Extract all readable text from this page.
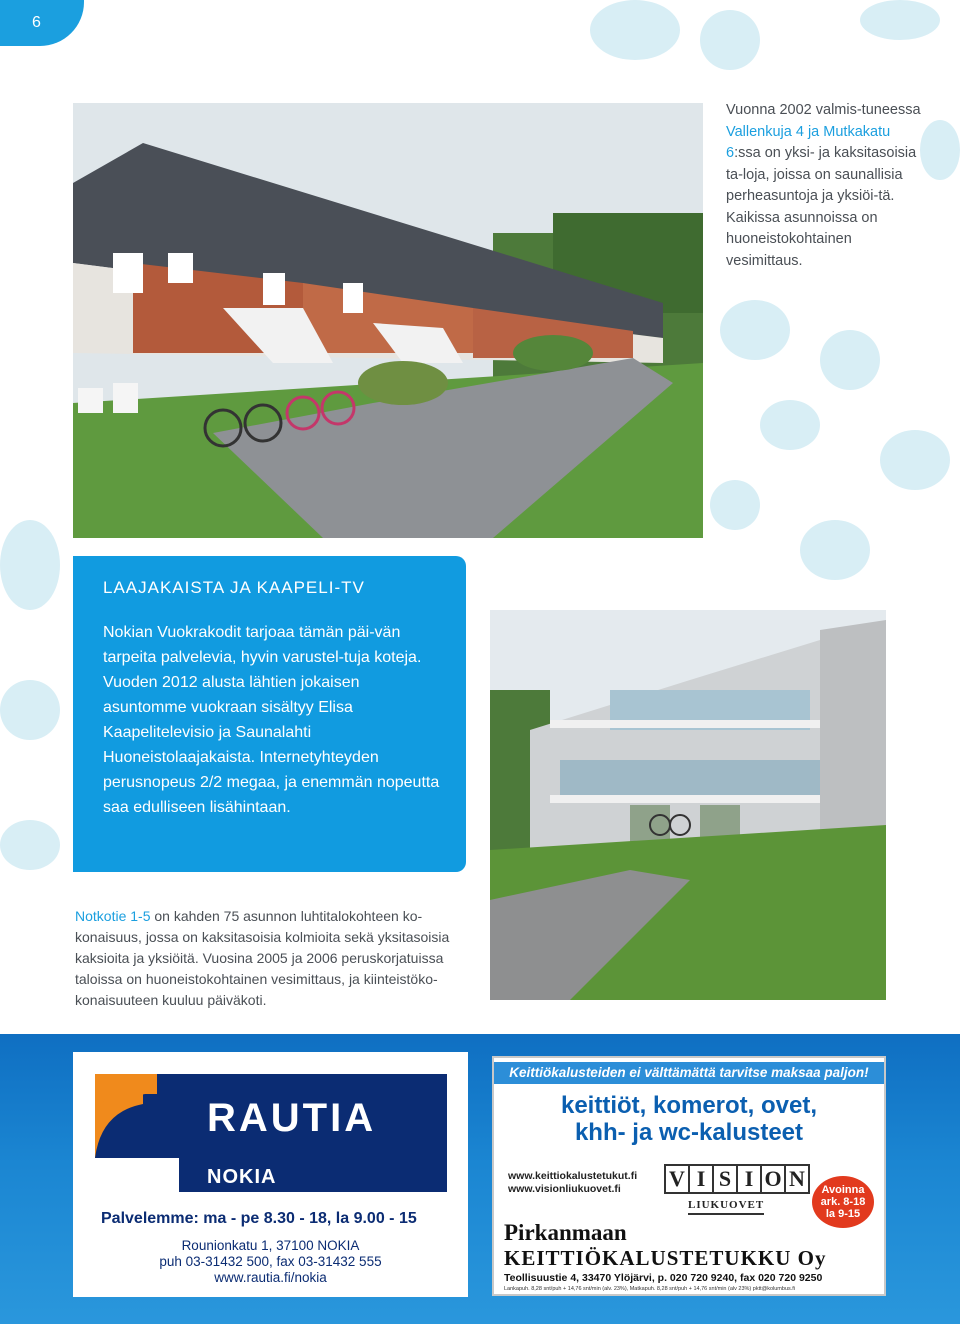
6
Vuonna 2002 valmis-tuneessa Vallenkuja 4 ja Mutkakatu 6:ssa on yksi- ja kaksitasoisia ta-loja, joissa on saunallisia perheasuntoja ja yksiöi-tä. Kaikissa asunnoissa on huoneistokohtainen vesimittaus.
LAAJAKAISTA JA KAAPELI-TV
Nokian Vuokrakodit tarjoaa tämän päi-vän tarpeita palvelevia, hyvin varustel-tuja koteja. Vuoden 2012 alusta lähtien jokaisen asuntomme vuokraan sisältyy Elisa Kaapelitelevisio ja Saunalahti Huoneistolaajakaista. Internetyhteyden perusnopeus 2/2 megaa, ja enemmän nopeutta saa edulliseen lisähintaan.
Notkotie 1-5 on kahden 75 asunnon luhtitalokohteen ko-konaisuus, jossa on kaksitasoisia kolmioita sekä yksitasoisia kaksioita ja yksiöitä. Vuosina 2005 ja 2006 peruskorjatuissa taloissa on huoneistokohtainen vesimittaus, ja kiinteistöko-konaisuuteen kuuluu päiväkoti.
RAUTIA
NOKIA
Palvelemme: ma - pe 8.30 - 18, la 9.00 - 15
Rounionkatu 1, 37100 NOKIA
puh 03-31432 500, fax 03-31432 555
www.rautia.fi/nokia
Keittiökalusteiden ei välttämättä tarvitse maksaa paljon!
keittiöt, komerot, ovet,
khh- ja wc-kalusteet
www.keittiokalustetukut.fi
www.visionliukuovet.fi	V I S I O N
LIUKUOVET
Avoinna
ark. 8-18
la 9-15
Pirkanmaan
KEITTIÖKALUSTETUKKU Oy
Teollisuustie 4, 33470 Ylöjärvi, p. 020 720 9240, fax 020 720 9250
Lankapuh. 8,28 snt/puh + 14,76 snt/min (alv. 23%), Matkapuh. 8,28 snt/puh + 14,76 snt/min (alv 23%) pktt@kolumbus.fi
